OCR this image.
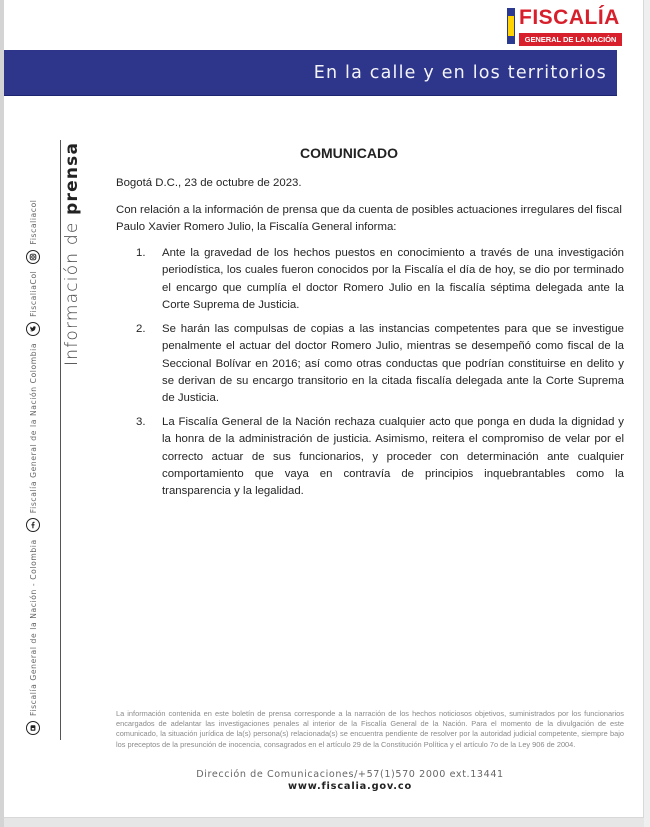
FISCALÍA
GENERAL DE LA NACIÓN
En la calle y en los territorios
Información de prensa
Fiscalía General de la Nación - Colombia
Fiscalía General de la Nación Colombia
FiscaliaCol
Fiscaliacol
COMUNICADO
Bogotá D.C., 23 de octubre de 2023.
Con relación a la información de prensa que da cuenta de posibles actuaciones irregulares del fiscal Paulo Xavier Romero Julio, la Fiscalía General informa:
1.	Ante la gravedad de los hechos puestos en conocimiento a través de una investigación periodística, los cuales fueron conocidos por la Fiscalía el día de hoy, se dio por terminado el encargo que cumplía el doctor Romero Julio en la fiscalía séptima delegada ante la Corte Suprema de Justicia.
2.	Se harán las compulsas de copias a las instancias competentes para que se investigue penalmente el actuar del doctor Romero Julio, mientras se desempeñó como fiscal de la Seccional Bolívar en 2016; así como otras conductas que podrían constituirse en delito y se derivan de su encargo transitorio en la citada fiscalía delegada ante la Corte Suprema de Justicia.
3.	La Fiscalía General de la Nación rechaza cualquier acto que ponga en duda la dignidad y la honra de la administración de justicia. Asimismo, reitera el compromiso de velar por el correcto actuar de sus funcionarios, y proceder con determinación ante cualquier comportamiento que vaya en contravía de principios inquebrantables como la transparencia y la legalidad.
La información contenida en este boletín de prensa corresponde a la narración de los hechos noticiosos objetivos, suministrados por los funcionarios encargados de adelantar las investigaciones penales al interior de la Fiscalía General de la Nación. Para el momento de la divulgación de este comunicado, la situación jurídica de la(s) persona(s) relacionada(s) se encuentra pendiente de resolver por la autoridad judicial competente, siempre bajo los preceptos de la presunción de inocencia, consagrados en el artículo 29 de la Constitución Política y el artículo 7o de la Ley 906 de 2004.
Dirección de Comunicaciones/+57(1)570 2000 ext.13441
www.fiscalia.gov.co
